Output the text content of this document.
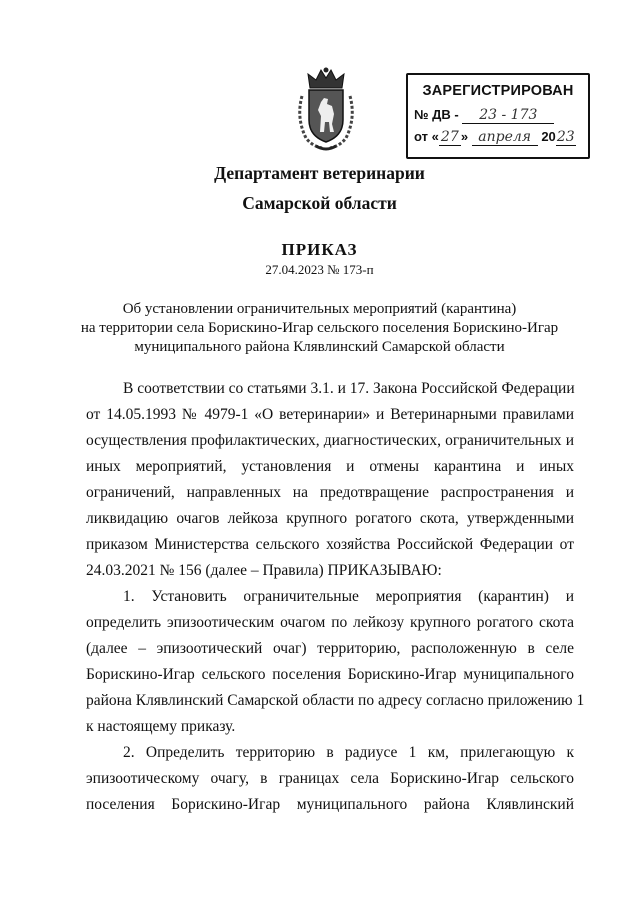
ЗАРЕГИСТРИРОВАН
№ ДВ - 23 - 173
от « 27 » апреля 2023
Департамент ветеринарии
Самарской области
ПРИКАЗ
27.04.2023 № 173-п
Об установлении ограничительных мероприятий (карантина)
на территории села Борискино-Игар сельского поселения Борискино-Игар
муниципального района Клявлинский Самарской области
В соответствии со статьями 3.1. и 17. Закона Российской Федерации
от 14.05.1993 № 4979-1 «О ветеринарии» и Ветеринарными правилами
осуществления профилактических, диагностических, ограничительных и
иных мероприятий, установления и отмены карантина и иных
ограничений, направленных на предотвращение распространения и
ликвидацию очагов лейкоза крупного рогатого скота, утвержденными
приказом Министерства сельского хозяйства Российской Федерации от
24.03.2021 № 156 (далее – Правила) ПРИКАЗЫВАЮ:
1. Установить ограничительные мероприятия (карантин) и
определить эпизоотическим очагом по лейкозу крупного рогатого скота
(далее – эпизоотический очаг) территорию, расположенную в селе
Борискино-Игар сельского поселения Борискино-Игар муниципального
района Клявлинский Самарской области по адресу согласно приложению 1
к настоящему приказу.
2. Определить территорию в радиусе 1 км, прилегающую к
эпизоотическому очагу, в границах села Борискино-Игар сельского
поселения Борискино-Игар муниципального района Клявлинский
